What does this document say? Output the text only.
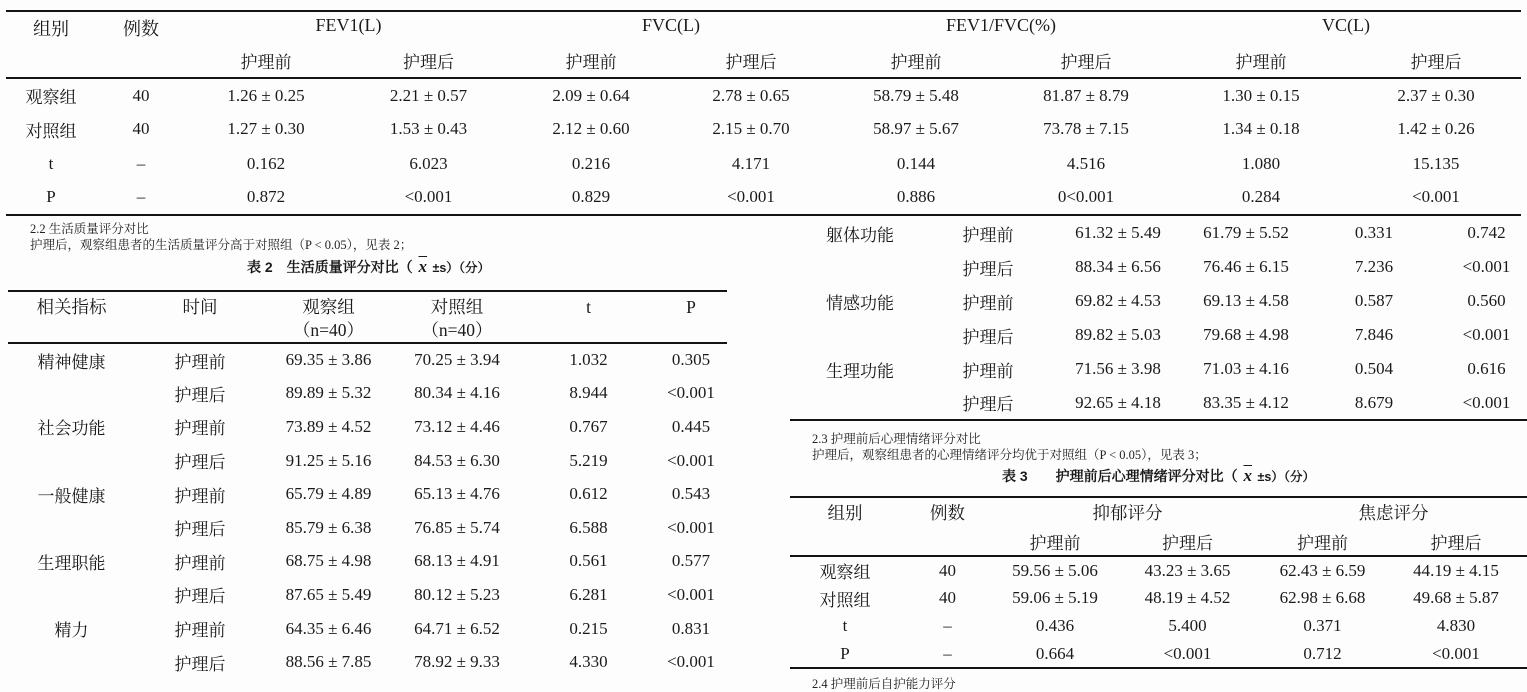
组别	例数	FEV1(L)		FVC(L)		FEV1/FVC(%)		VC(L)	
		护理前	护理后	护理前	护理后	护理前	护理后	护理前	护理后
观察组	40	1.26 ± 0.25	2.21 ± 0.57	2.09 ± 0.64	2.78 ± 0.65	58.79 ± 5.48	81.87 ± 8.79	1.30 ± 0.15	2.37 ± 0.30
对照组	40	1.27 ± 0.30	1.53 ± 0.43	2.12 ± 0.60	2.15 ± 0.70	58.97 ± 5.67	73.78 ± 7.15	1.34 ± 0.18	1.42 ± 0.26
t	–	0.162	6.023	0.216	4.171	0.144	4.516	1.080	15.135
P	–	0.872	<0.001	0.829	<0.001	0.886	0<0.001	0.284	<0.001
2.2 生活质量评分对比
护理后，观察组患者的生活质量评分高于对照组（P < 0.05），见表 2；
表 2　生活质量评分对比（ $\overline{x} \pm s$）（分）
相关指标	时间	观察组
（n=40）	对照组
（n=40）	t	P
精神健康	护理前	69.35 ± 3.86	70.25 ± 3.94	1.032	0.305
	护理后	89.89 ± 5.32	80.34 ± 4.16	8.944	<0.001
社会功能	护理前	73.89 ± 4.52	73.12 ± 4.46	0.767	0.445
	护理后	91.25 ± 5.16	84.53 ± 6.30	5.219	<0.001
一般健康	护理前	65.79 ± 4.89	65.13 ± 4.76	0.612	0.543
	护理后	85.79 ± 6.38	76.85 ± 5.74	6.588	<0.001
生理职能	护理前	68.75 ± 4.98	68.13 ± 4.91	0.561	0.577
	护理后	87.65 ± 5.49	80.12 ± 5.23	6.281	<0.001
精力	护理前	64.35 ± 6.46	64.71 ± 6.52	0.215	0.831
	护理后	88.56 ± 7.85	78.92 ± 9.33	4.330	<0.001
躯体功能	护理前	61.32 ± 5.49	61.79 ± 5.52	0.331	0.742
	护理后	88.34 ± 6.56	76.46 ± 6.15	7.236	<0.001
情感功能	护理前	69.82 ± 4.53	69.13 ± 4.58	0.587	0.560
	护理后	89.82 ± 5.03	79.68 ± 4.98	7.846	<0.001
生理功能	护理前	71.56 ± 3.98	71.03 ± 4.16	0.504	0.616
	护理后	92.65 ± 4.18	83.35 ± 4.12	8.679	<0.001
2.3 护理前后心理情绪评分对比
护理后，观察组患者的心理情绪评分均优于对照组（P < 0.05），见表 3；
表 3　　护理前后心理情绪评分对比（ $\overline{x} \pm s$）（分）
组别	例数	抑郁评分		焦虑评分	
		护理前	护理后	护理前	护理后
观察组	40	59.56 ± 5.06	43.23 ± 3.65	62.43 ± 6.59	44.19 ± 4.15
对照组	40	59.06 ± 5.19	48.19 ± 4.52	62.98 ± 6.68	49.68 ± 5.87
t	–	0.436	5.400	0.371	4.830
P	–	0.664	<0.001	0.712	<0.001
2.4 护理前后自护能力评分
